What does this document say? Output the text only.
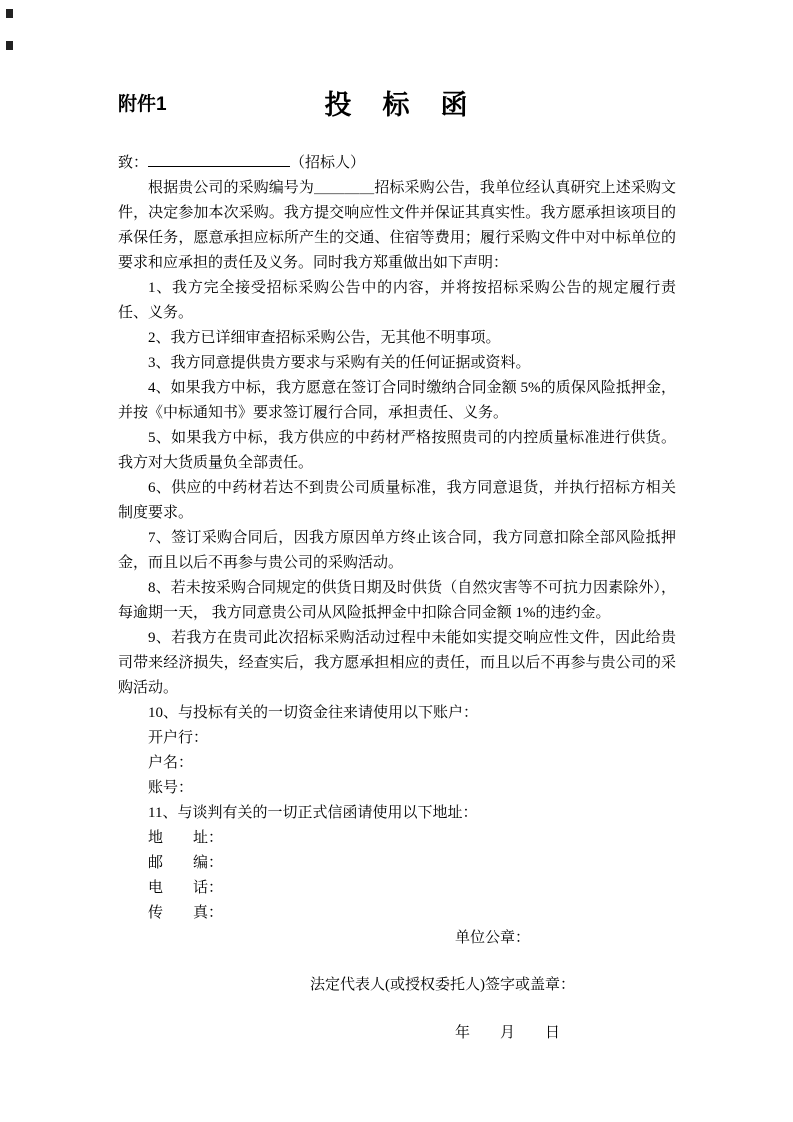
附件1	投　标　函

致：	（招标人）

根据贵公司的采购编号为＿＿＿＿招标采购公告，我单位经认真研究上述采购文件，决定参加本次采购。我方提交响应性文件并保证其真实性。我方愿承担该项目的承保任务，愿意承担应标所产生的交通、住宿等费用；履行采购文件中对中标单位的要求和应承担的责任及义务。同时我方郑重做出如下声明：

1、我方完全接受招标采购公告中的内容，并将按招标采购公告的规定履行责任、义务。

2、我方已详细审查招标采购公告，无其他不明事项。

3、我方同意提供贵方要求与采购有关的任何证据或资料。

4、如果我方中标，我方愿意在签订合同时缴纳合同金额 5%的质保风险抵押金，并按《中标通知书》要求签订履行合同，承担责任、义务。

5、如果我方中标，我方供应的中药材严格按照贵司的内控质量标准进行供货。我方对大货质量负全部责任。

6、供应的中药材若达不到贵公司质量标准，我方同意退货，并执行招标方相关制度要求。

7、签订采购合同后，因我方原因单方终止该合同，我方同意扣除全部风险抵押金，而且以后不再参与贵公司的采购活动。

8、若未按采购合同规定的供货日期及时供货（自然灾害等不可抗力因素除外），每逾期一天， 我方同意贵公司从风险抵押金中扣除合同金额 1%的违约金。

9、若我方在贵司此次招标采购活动过程中未能如实提交响应性文件，因此给贵司带来经济损失，经查实后，我方愿承担相应的责任，而且以后不再参与贵公司的采购活动。

10、与投标有关的一切资金往来请使用以下账户：

开户行：

户名：

账号：

11、与谈判有关的一切正式信函请使用以下地址：

地　　址：

邮　　编：

电　　话：

传　　真：

单位公章：

法定代表人(或授权委托人)签字或盖章：

年　　月　　日
